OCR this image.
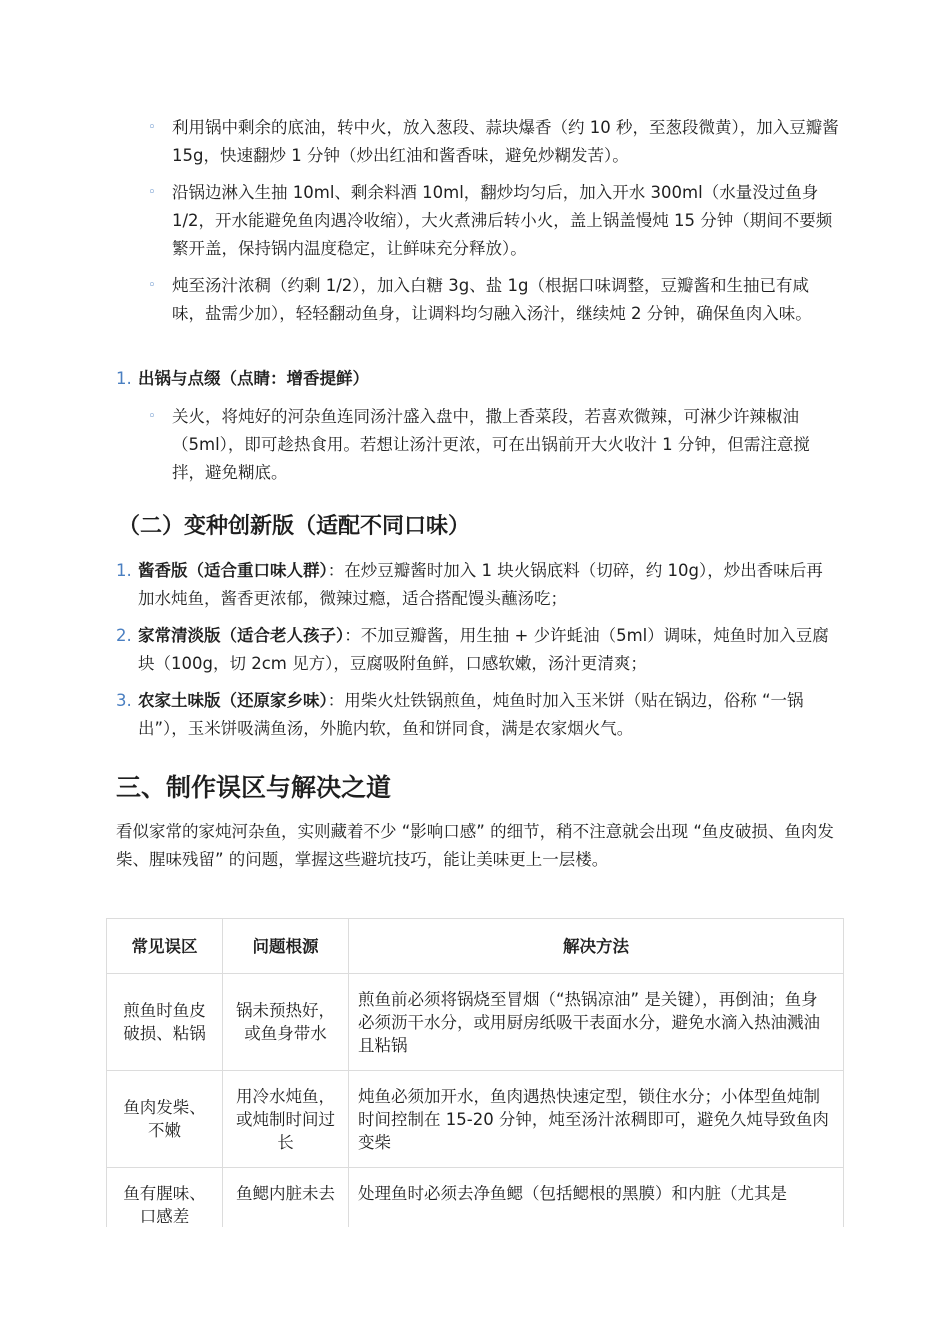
◦ 利用锅中剩余的底油，转中火，放入葱段、蒜块爆香（约 10 秒，至葱段微黄），加入豆瓣酱 15g，快速翻炒 1 分钟（炒出红油和酱香味，避免炒糊发苦）。
◦ 沿锅边淋入生抽 10ml、剩余料酒 10ml，翻炒均匀后，加入开水 300ml（水量没过鱼身 1/2，开水能避免鱼肉遇冷收缩），大火煮沸后转小火，盖上锅盖慢炖 15 分钟（期间不要频繁开盖，保持锅内温度稳定，让鲜味充分释放）。
◦ 炖至汤汁浓稠（约剩 1/2），加入白糖 3g、盐 1g（根据口味调整，豆瓣酱和生抽已有咸味，盐需少加），轻轻翻动鱼身，让调料均匀融入汤汁，继续炖 2 分钟，确保鱼肉入味。
1. 出锅与点缀（点睛：增香提鲜）
◦ 关火，将炖好的河杂鱼连同汤汁盛入盘中，撒上香菜段，若喜欢微辣，可淋少许辣椒油（5ml），即可趁热食用。若想让汤汁更浓，可在出锅前开大火收汁 1 分钟，但需注意搅拌，避免糊底。
（二）变种创新版（适配不同口味）
1. 酱香版（适合重口味人群）：在炒豆瓣酱时加入 1 块火锅底料（切碎，约 10g），炒出香味后再加水炖鱼，酱香更浓郁，微辣过瘾，适合搭配馒头蘸汤吃；
2. 家常清淡版（适合老人孩子）：不加豆瓣酱，用生抽 + 少许蚝油（5ml）调味，炖鱼时加入豆腐块（100g，切 2cm 见方），豆腐吸附鱼鲜，口感软嫩，汤汁更清爽；
3. 农家土味版（还原家乡味）：用柴火灶铁锅煎鱼，炖鱼时加入玉米饼（贴在锅边，俗称 “一锅出”），玉米饼吸满鱼汤，外脆内软，鱼和饼同食，满是农家烟火气。
三、制作误区与解决之道
看似家常的家炖河杂鱼，实则藏着不少 “影响口感” 的细节，稍不注意就会出现 “鱼皮破损、鱼肉发柴、腥味残留” 的问题，掌握这些避坑技巧，能让美味更上一层楼。
常见误区	问题根源	解决方法
煎鱼时鱼皮破损、粘锅	锅未预热好，或鱼身带水	煎鱼前必须将锅烧至冒烟（“热锅凉油” 是关键），再倒油；鱼身必须沥干水分，或用厨房纸吸干表面水分，避免水滴入热油溅油且粘锅
鱼肉发柴、不嫩	用冷水炖鱼，或炖制时间过长	炖鱼必须加开水，鱼肉遇热快速定型，锁住水分；小体型鱼炖制时间控制在 15-20 分钟，炖至汤汁浓稠即可，避免久炖导致鱼肉变柴
鱼有腥味、口感差	鱼鳃内脏未去	处理鱼时必须去净鱼鳃（包括鳃根的黑膜）和内脏（尤其是
